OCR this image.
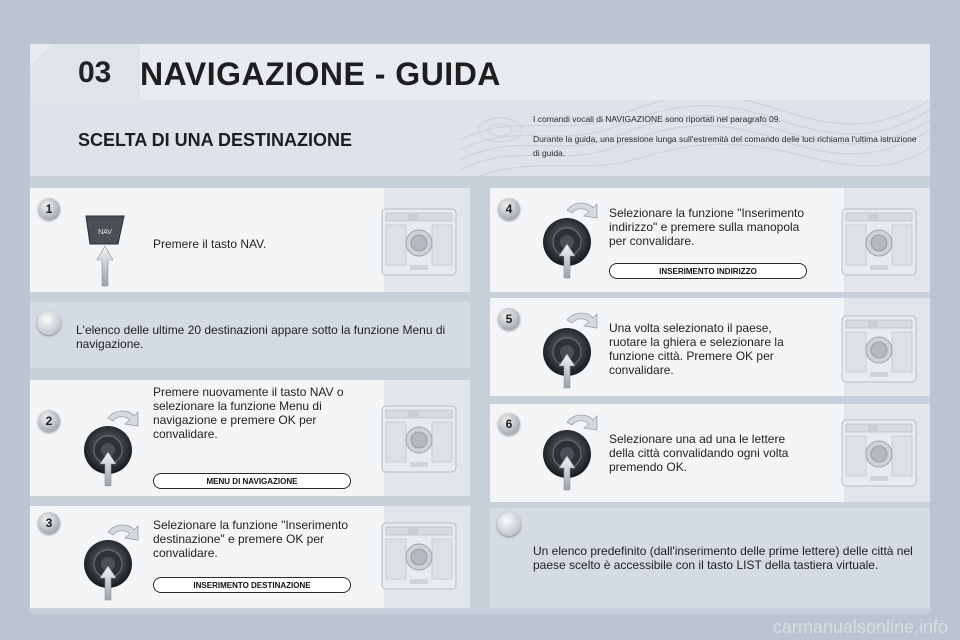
03 NAVIGAZIONE - GUIDA
SCELTA DI UNA DESTINAZIONE

I comandi vocali di NAVIGAZIONE sono riportati nel paragrafo 09.

Durante la guida, una pressione lunga sull'estremità del comando delle luci richiama l'ultima istruzione di guida.

1
NAV
Premere il tasto NAV.
L'elenco delle ultime 20 destinazioni appare sotto la funzione Menu di navigazione.
2
Premere nuovamente il tasto NAV o selezionare la funzione Menu di navigazione e premere OK per convalidare.
MENU DI NAVIGAZIONE
3	Selezionare la funzione "Inserimento destinazione" e premere OK per convalidare.
INSERIMENTO DESTINAZIONE
4	Selezionare la funzione "Inserimento indirizzo" e premere sulla manopola per convalidare.
INSERIMENTO INDIRIZZO
5
Una volta selezionato il paese, ruotare la ghiera e selezionare la funzione città. Premere OK per convalidare.
6
Selezionare una ad una le lettere della città convalidando ogni volta premendo OK.
Un elenco predefinito (dall'inserimento delle prime lettere) delle città nel paese scelto è accessibile con il tasto LIST della tastiera virtuale.
carmanualsonline.info
